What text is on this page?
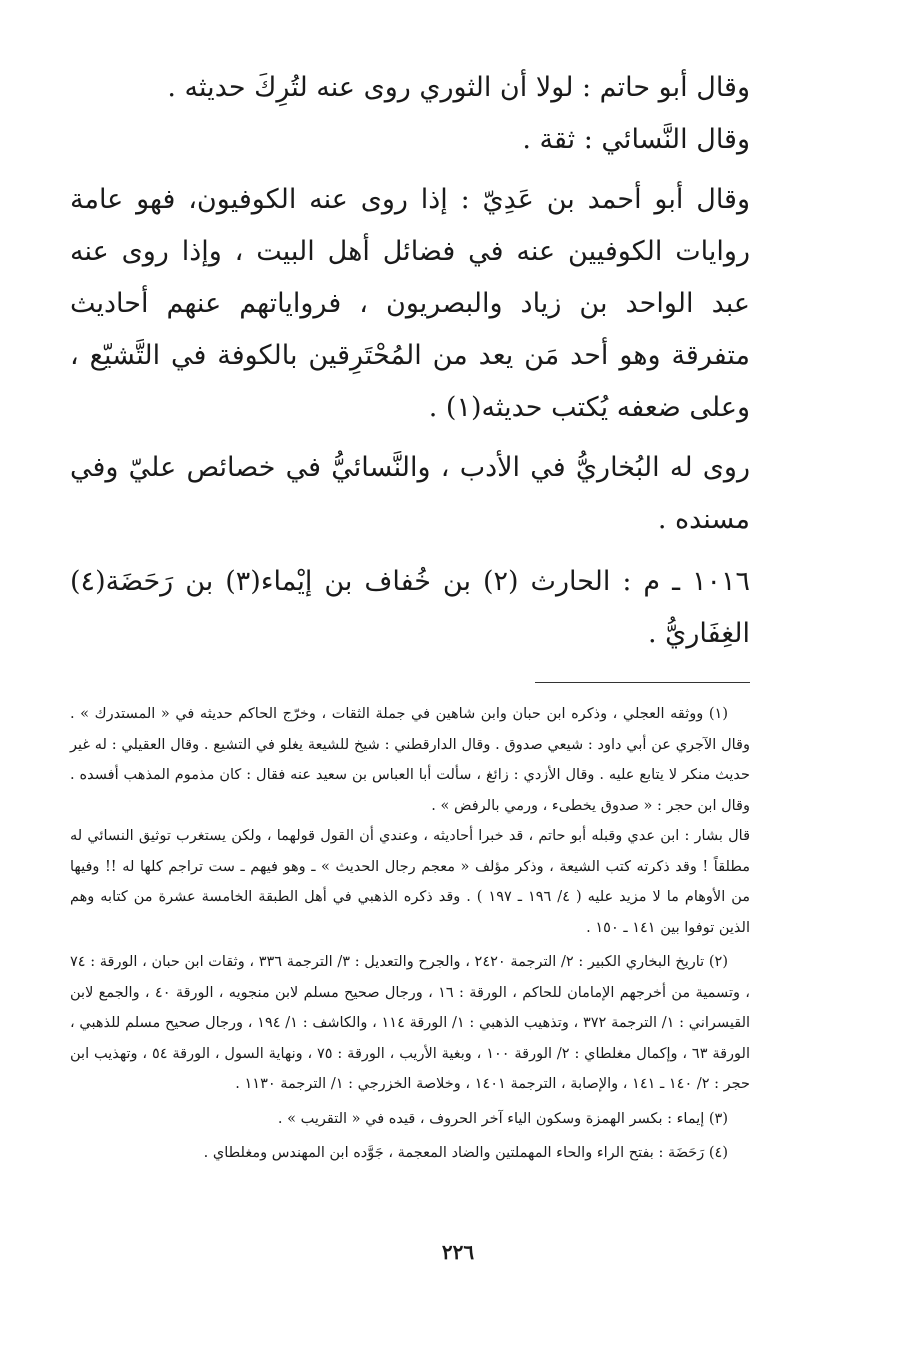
وقال أبو حاتم : لولا أن الثوري روى عنه لتُرِكَ حديثه .

وقال النَّسائي : ثقة .

وقال أبو أحمد بن عَدِيّ : إذا روى عنه الكوفيون، فهو عامة روايات الكوفيين عنه في فضائل أهل البيت ، وإذا روى عنه عبد الواحد بن زياد والبصريون ، فرواياتهم عنهم أحاديث متفرقة وهو أحد مَن يعد من المُحْتَرِقين بالكوفة في التَّشيّع ، وعلى ضعفه يُكتب حديثه(١) .

روى له البُخاريُّ في الأدب ، والنَّسائيُّ في خصائص عليّ وفي مسنده .

١٠١٦ ـ م : الحارث (٢) بن خُفاف بن إيْماء(٣) بن رَحَضَة(٤) الغِفَاريُّ .

(١) ووثقه العجلي ، وذكره ابن حبان وابن شاهين في جملة الثقات ، وخرّج الحاكم حديثه في « المستدرك » . وقال الآجري عن أبي داود : شيعي صدوق . وقال الدارقطني : شيخ للشيعة يغلو في التشيع . وقال العقيلي : له غير حديث منكر لا يتابع عليه . وقال الأزدي : زائغ ، سألت أبا العباس بن سعيد عنه فقال : كان مذموم المذهب أفسده . وقال ابن حجر : « صدوق يخطىء ، ورمي بالرفض » .

قال بشار : ابن عدي وقبله أبو حاتم ، قد خبرا أحاديثه ، وعندي أن القول قولهما ، ولكن يستغرب توثيق النسائي له مطلقاً ! وقد ذكرته كتب الشيعة ، وذكر مؤلف « معجم رجال الحديث » ـ وهو فيهم ـ ست تراجم كلها له !! وفيها من الأوهام ما لا مزيد عليه ( ٤/ ١٩٦ ـ ١٩٧ ) . وقد ذكره الذهبي في أهل الطبقة الخامسة عشرة من كتابه وهم الذين توفوا بين ١٤١ ـ ١٥٠ .

(٢) تاريخ البخاري الكبير : ٢/ الترجمة ٢٤٢٠ ، والجرح والتعديل : ٣/ الترجمة ٣٣٦ ، وثقات ابن حبان ، الورقة : ٧٤ ، وتسمية من أخرجهم الإمامان للحاكم ، الورقة : ١٦ ، ورجال صحيح مسلم لابن منجويه ، الورقة ٤٠ ، والجمع لابن القيسراني : ١/ الترجمة ٣٧٢ ، وتذهيب الذهبي : ١/ الورقة ١١٤ ، والكاشف : ١/ ١٩٤ ، ورجال صحيح مسلم للذهبي ، الورقة ٦٣ ، وإكمال مغلطاي : ٢/ الورقة ١٠٠ ، وبغية الأريب ، الورقة : ٧٥ ، ونهاية السول ، الورقة ٥٤ ، وتهذيب ابن حجر : ٢/ ١٤٠ ـ ١٤١ ، والإصابة ، الترجمة ١٤٠١ ، وخلاصة الخزرجي : ١/ الترجمة ١١٣٠ .

(٣) إيماء : بكسر الهمزة وسكون الياء آخر الحروف ، قيده في « التقريب » .

(٤) رَحَضَة : بفتح الراء والحاء المهملتين والضاد المعجمة ، جَوَّده ابن المهندس ومغلطاي .

٢٢٦
